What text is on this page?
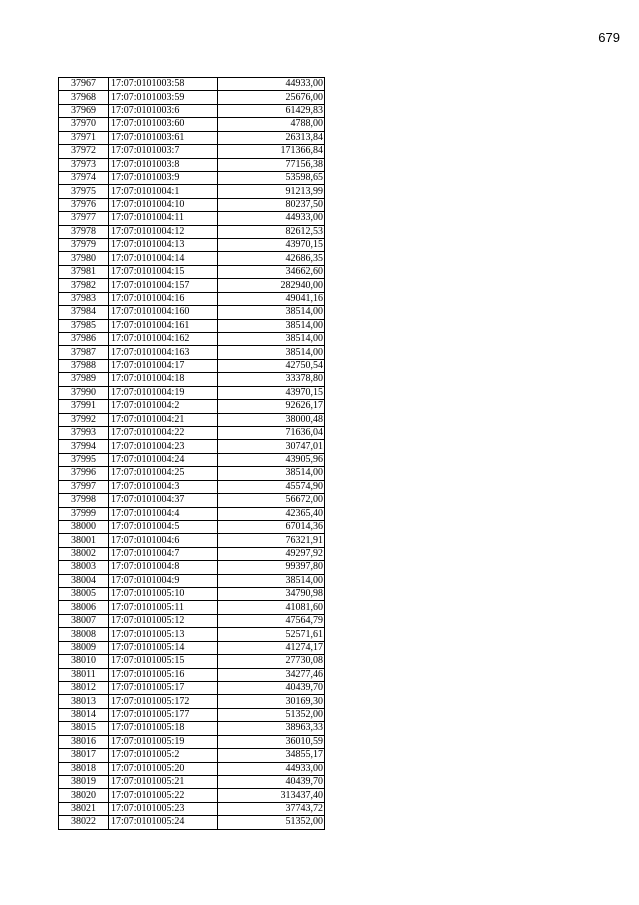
679
37967	17:07:0101003:58	44933,00
37968	17:07:0101003:59	25676,00
37969	17:07:0101003:6	61429,83
37970	17:07:0101003:60	4788,00
37971	17:07:0101003:61	26313,84
37972	17:07:0101003:7	171366,84
37973	17:07:0101003:8	77156,38
37974	17:07:0101003:9	53598,65
37975	17:07:0101004:1	91213,99
37976	17:07:0101004:10	80237,50
37977	17:07:0101004:11	44933,00
37978	17:07:0101004:12	82612,53
37979	17:07:0101004:13	43970,15
37980	17:07:0101004:14	42686,35
37981	17:07:0101004:15	34662,60
37982	17:07:0101004:157	282940,00
37983	17:07:0101004:16	49041,16
37984	17:07:0101004:160	38514,00
37985	17:07:0101004:161	38514,00
37986	17:07:0101004:162	38514,00
37987	17:07:0101004:163	38514,00
37988	17:07:0101004:17	42750,54
37989	17:07:0101004:18	33378,80
37990	17:07:0101004:19	43970,15
37991	17:07:0101004:2	92626,17
37992	17:07:0101004:21	38000,48
37993	17:07:0101004:22	71636,04
37994	17:07:0101004:23	30747,01
37995	17:07:0101004:24	43905,96
37996	17:07:0101004:25	38514,00
37997	17:07:0101004:3	45574,90
37998	17:07:0101004:37	56672,00
37999	17:07:0101004:4	42365,40
38000	17:07:0101004:5	67014,36
38001	17:07:0101004:6	76321,91
38002	17:07:0101004:7	49297,92
38003	17:07:0101004:8	99397,80
38004	17:07:0101004:9	38514,00
38005	17:07:0101005:10	34790,98
38006	17:07:0101005:11	41081,60
38007	17:07:0101005:12	47564,79
38008	17:07:0101005:13	52571,61
38009	17:07:0101005:14	41274,17
38010	17:07:0101005:15	27730,08
38011	17:07:0101005:16	34277,46
38012	17:07:0101005:17	40439,70
38013	17:07:0101005:172	30169,30
38014	17:07:0101005:177	51352,00
38015	17:07:0101005:18	38963,33
38016	17:07:0101005:19	36010,59
38017	17:07:0101005:2	34855,17
38018	17:07:0101005:20	44933,00
38019	17:07:0101005:21	40439,70
38020	17:07:0101005:22	313437,40
38021	17:07:0101005:23	37743,72
38022	17:07:0101005:24	51352,00
